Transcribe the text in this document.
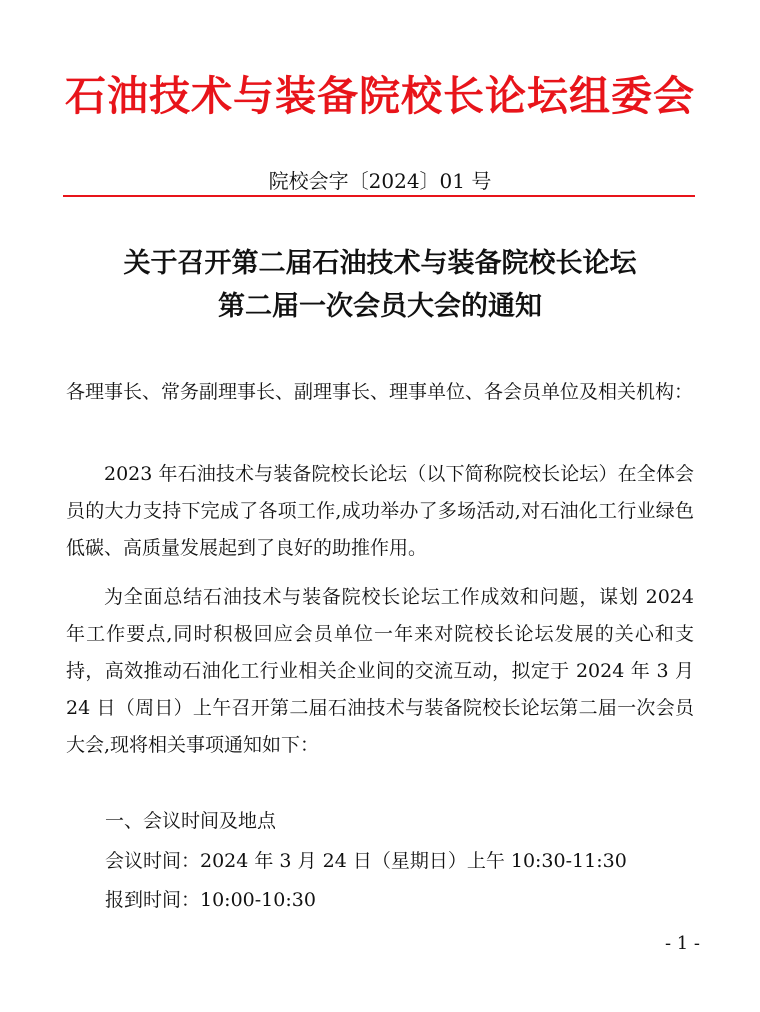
石油技术与装备院校长论坛组委会
院校会字〔2024〕01 号
关于召开第二届石油技术与装备院校长论坛
第二届一次会员大会的通知
各理事长、常务副理事长、副理事长、理事单位、各会员单位及相关机构：
2023 年石油技术与装备院校长论坛（以下简称院校长论坛）在全体会员的大力支持下完成了各项工作,成功举办了多场活动,对石油化工行业绿色低碳、高质量发展起到了良好的助推作用。
为全面总结石油技术与装备院校长论坛工作成效和问题，谋划 2024 年工作要点,同时积极回应会员单位一年来对院校长论坛发展的关心和支持，高效推动石油化工行业相关企业间的交流互动，拟定于 2024 年 3 月 24 日（周日）上午召开第二届石油技术与装备院校长论坛第二届一次会员大会,现将相关事项通知如下：
一、会议时间及地点
会议时间：2024 年 3 月 24 日（星期日）上午 10:30-11:30
报到时间：10:00-10:30
- 1 -
